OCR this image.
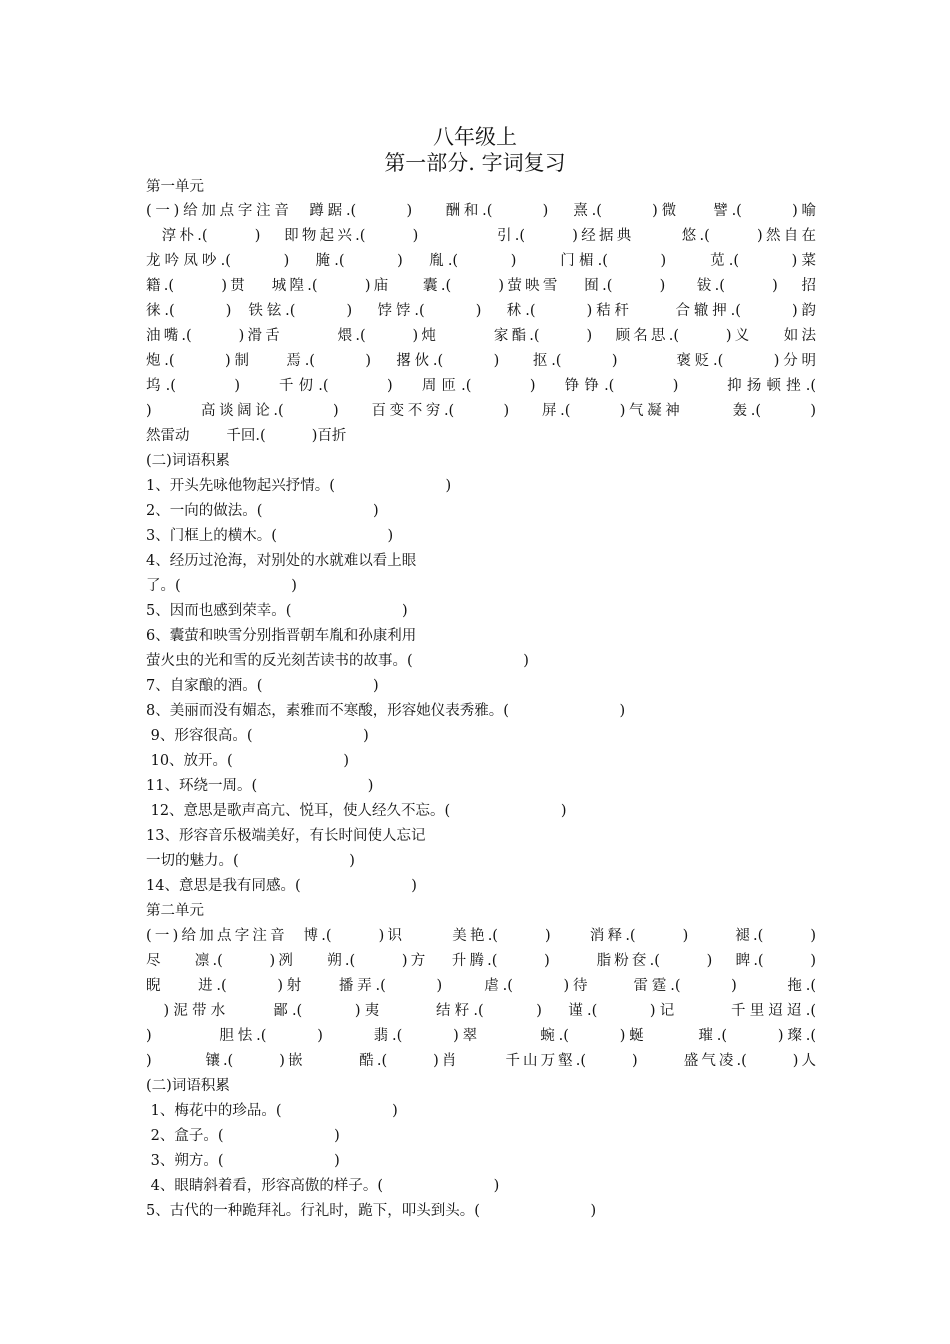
八年级上
第一部分. 字词复习
第一单元
(一)给加点字注音  蹲踞.(      )    酬和.(      )   熹.(      )微    譬.(      )喻
淳朴.(      )   即物起兴.(      )          引.(      )经据典      悠.(      )然自在
龙吟凤吵.(      )   腌.(      )   胤.(      )     门楣.(      )     苋.(      )菜
籍.(      )贯   城隍.(      )庙    囊.(      )萤映雪   囿.(      )    钹.(      )   招
徕.(      )  铁铉.(      )   饽饽.(      )   秫.(      )秸秆     合辙押.(      )韵
油嘴.(      )滑舌       煨.(      )炖       家酯.(      )   顾名思.(      )义    如法
炮.(      )制    焉.(      )   撂伙.(      )    抠.(      )       褒贬.(      )分明
坞.(      )    千仞.(      )   周匝.(      )   铮铮.(      )     抑扬顿挫.(
)      高谈阔论.(      )    百变不穷.(      )    屏.(      )气凝神      轰.(      )
然雷动        千回.(          )百折
(二)词语积累
1、开头先咏他物起兴抒情。(                        )
2、一向的做法。(                        )
3、门框上的横木。(                        )
4、经历过沧海，对别处的水就难以看上眼
了。(                        )
5、因而也感到荣幸。(                        )
6、囊萤和映雪分别指晋朝车胤和孙康利用
萤火虫的光和雪的反光刻苦读书的故事。(                        )
7、自家酿的酒。(                        )
8、美丽而没有媚态，素雅而不寒酸，形容她仪表秀雅。(                        )
9、形容很高。(                        )
10、放开。(                        )
11、环绕一周。(                        )
12、意思是歌声高亢、悦耳，使人经久不忘。(                        )
13、形容音乐极端美好，有长时间使人忘记
一切的魅力。(                        )
14、意思是我有同感。(                        )
第二单元
(一)给加点字注音  博.(      )识      美艳.(      )     消释.(      )      褪.(      )
尽    凛.(      )冽    朔.(      )方   升腾.(      )      脂粉奁.(      )   睥.(      )
睨    进.(      )射    播弄.(      )     虐.(      )待     雷霆.(      )      拖.(
)泥带水     鄙.(      )夷      结籽.(      )   谨.(      )记      千里迢迢.(
)        胆怯.(      )      翡.(      )翠       蜿.(      )蜒      璀.(      )璨.(
)       镶.(      )嵌       酷.(      )肖      千山万壑.(      )      盛气凌.(      )人
(二)词语积累
1、梅花中的珍品。(                        )
2、盒子。(                        )
3、朔方。(                        )
4、眼睛斜着看，形容高傲的样子。(                        )
5、古代的一种跪拜礼。行礼时，跪下，叩头到头。(                        )
